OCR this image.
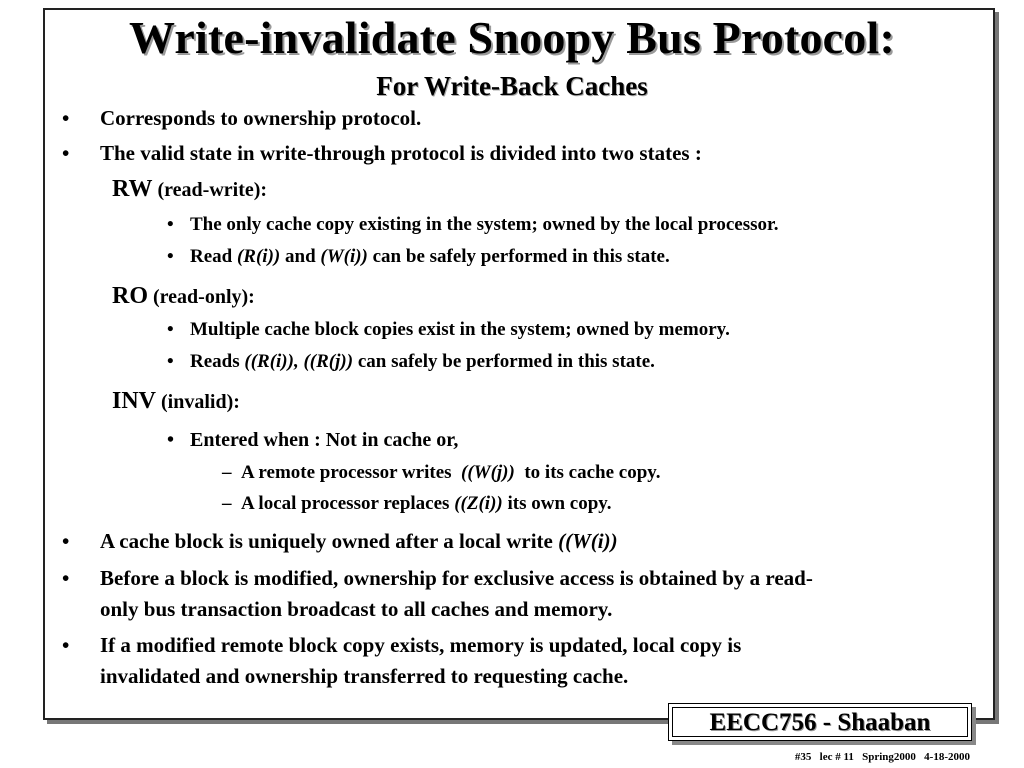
Write-invalidate Snoopy Bus Protocol:
For Write-Back Caches
• Corresponds to ownership protocol.
• The valid state in write-through protocol is divided into two states :
RW (read-write):
• The only cache copy existing in the system; owned by the local processor.
• Read (R(i)) and (W(i)) can be safely performed in this state.
RO (read-only):
• Multiple cache block copies exist in the system; owned by memory.
• Reads ((R(i)), ((R(j)) can safely be performed in this state.
INV (invalid):
• Entered when : Not in cache or,
– A remote processor writes  ((W(j))  to its cache copy.
– A local processor replaces ((Z(i)) its own copy.
• A cache block is uniquely owned after a local write ((W(i))
• Before a block is modified, ownership for exclusive access is obtained by a read-
only bus transaction broadcast to all caches and memory.
• If a modified remote block copy exists, memory is updated, local copy is
invalidated and ownership transferred to requesting cache.
EECC756 - Shaaban
#35   lec # 11   Spring2000   4-18-2000
